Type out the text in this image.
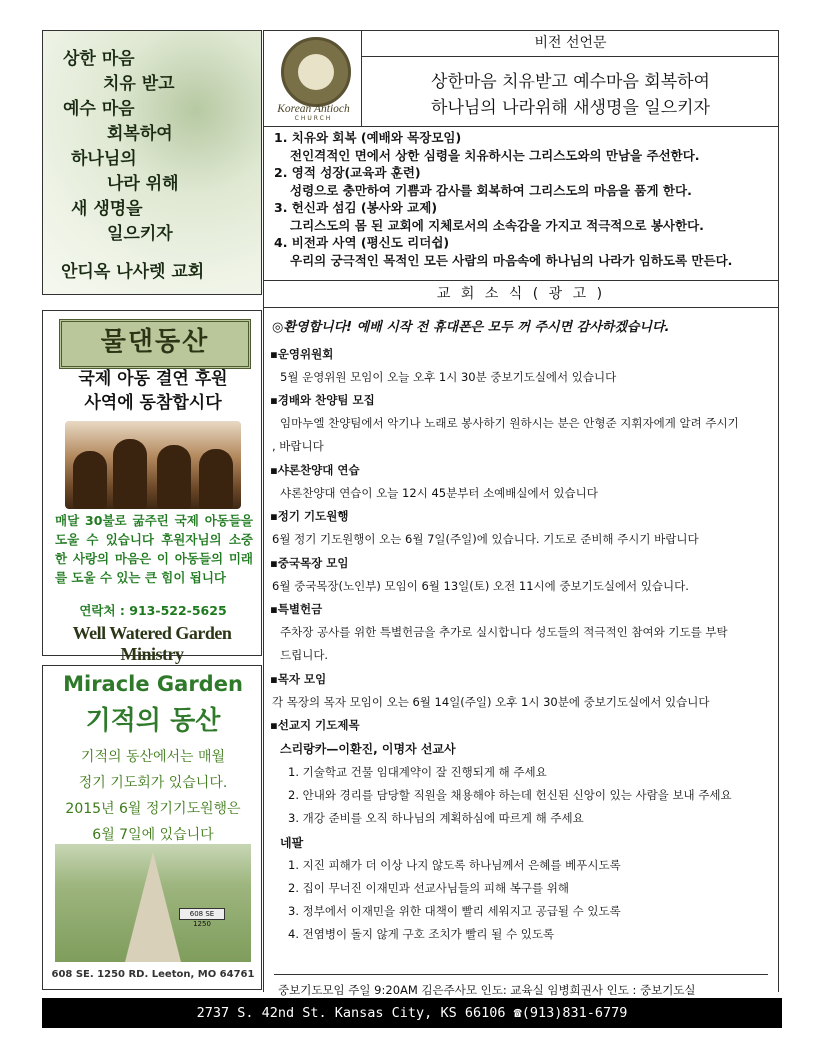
상한 마음
치유 받고
예수 마음
회복하여
하나님의
나라 위해
새 생명을
일으키자
안디옥 나사렛 교회
Korean Antioch
CHURCH
비전 선언문
상한마음 치유받고 예수마음 회복하여
하나님의 나라위해 새생명을 일으키자
1. 치유와 회복 (예배와 목장모임)
전인격적인 면에서 상한 심령을 치유하시는 그리스도와의 만남을 주선한다.
2. 영적 성장(교육과 훈련)
성령으로 충만하여 기쁨과 감사를 회복하여 그리스도의 마음을 품게 한다.
3. 헌신과 섬김 (봉사와 교제)
그리스도의 몸 된 교회에 지체로서의 소속감을 가지고 적극적으로 봉사한다.
4. 비전과 사역 (평신도 리더쉽)
우리의 궁극적인 목적인 모든 사람의 마음속에 하나님의 나라가 임하도록 만든다.
교 회 소 식 ( 광 고 )
물댄동산
국제 아동 결연 후원
사역에 동참합시다
매달 30불로 굶주린 국제 아동들을 도울 수 있습니다 후원자님의 소중한 사랑의 마음은 이 아동들의 미래를 도울 수 있는 큰 힘이 됩니다
연락처 : 913-522-5625
Well Watered Garden Ministry
Miracle Garden
기적의 동산
기적의 동산에서는 매월
정기 기도회가 있습니다.
2015년 6월 정기기도원행은
6월 7일에 있습니다
608 SE 1250
608 SE. 1250 RD. Leeton, MO 64761
◎환영합니다! 예배 시작 전 휴대폰은 모두 꺼 주시면 감사하겠습니다.
▪운영위원회
5월 운영위원 모임이 오늘 오후 1시 30분 중보기도실에서 있습니다
▪경배와 찬양팀 모집
임마누엘 찬양팀에서 악기나 노래로 봉사하기 원하시는 분은 안형준 지휘자에게 알려 주시기
, 바랍니다
▪샤론찬양대 연습
샤론찬양대 연습이 오늘 12시 45분부터 소예배실에서 있습니다
▪정기 기도원행
6월 정기 기도원행이 오는 6월 7일(주일)에 있습니다. 기도로 준비해 주시기 바랍니다
▪중국목장 모임
6월 중국목장(노인부) 모임이 6월 13일(토) 오전 11시에 중보기도실에서 있습니다.
▪특별헌금
주차장 공사를 위한 특별헌금을 추가로 실시합니다 성도들의 적극적인 참여와 기도를 부탁
드립니다.
▪목자 모임
각 목장의 목자 모임이 오는 6월 14일(주일) 오후 1시 30분에 중보기도실에서 있습니다
▪선교지 기도제목
스리랑카—이환진, 이명자 선교사
1. 기술학교 건물 임대계약이 잘 진행되게 해 주세요
2. 안내와 경리를 담당할 직원을 채용해야 하는데 헌신된 신앙이 있는 사람을 보내 주세요
3. 개강 준비를 오직 하나님의 계획하심에 따르게 해 주세요
네팔
1. 지진 피해가 더 이상 나지 않도록 하나님께서 은혜를 베푸시도록
2. 집이 무너진 이재민과 선교사님들의 피해 복구를 위해
3. 정부에서 이재민을 위한 대책이 빨리 세워지고 공급될 수 있도록
4. 전염병이 돌지 않게 구호 조치가 빨리 될 수 있도록
중보기도모임 주일 9:20AM 김은주사모 인도: 교육실 임병희권사 인도 : 중보기도실
2737 S. 42nd St. Kansas City, KS 66106 ☎(913)831-6779
